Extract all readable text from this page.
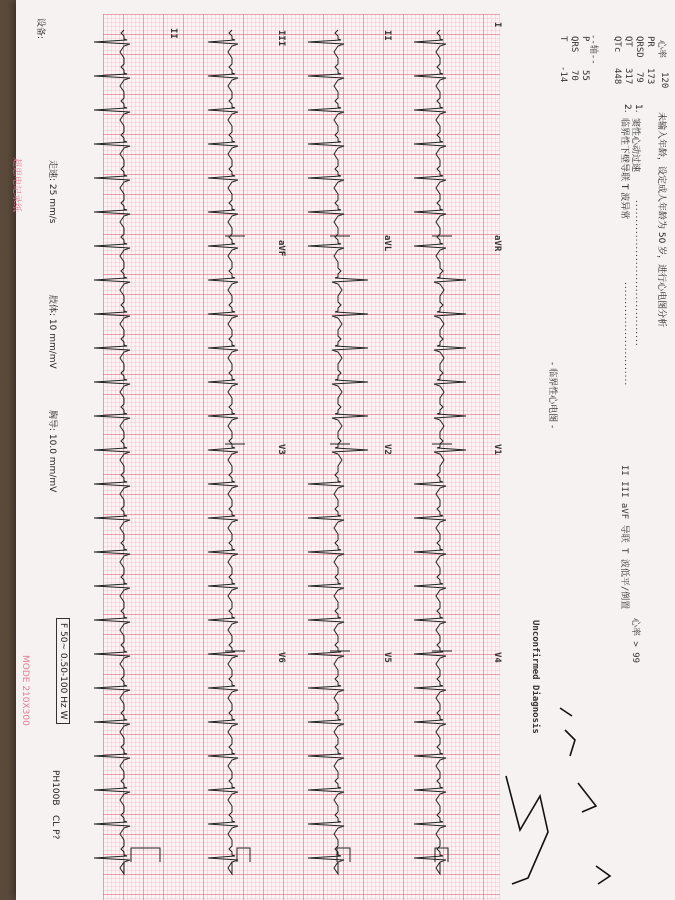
I
aVR
V1
V4
II
aVL
V2
V5
III
aVF
V3
V6
II
心率
120
PR
173
QRSD
79
QT
317
QTc
448
--轴--
P
55
QRS
70
T
-14
未输入年龄，设定成人年龄为 50 岁，进行心电图分析
1.
窦性心动过速
......................................
心率 > 99
2.
临界性下壁导联 T 波异常
...........................
II III aVF 导联 T 波低平/倒置
- 临界性心电图 -
Unconfirmed Diagnosis
设备:
走速: 25 mm/s
肢体: 10 mm/mV
胸导: 10.0 mm/mV
F 50~ 0.50-100 Hz W
PH100B
CL P?
超思电记录纸
MODE 210X300
